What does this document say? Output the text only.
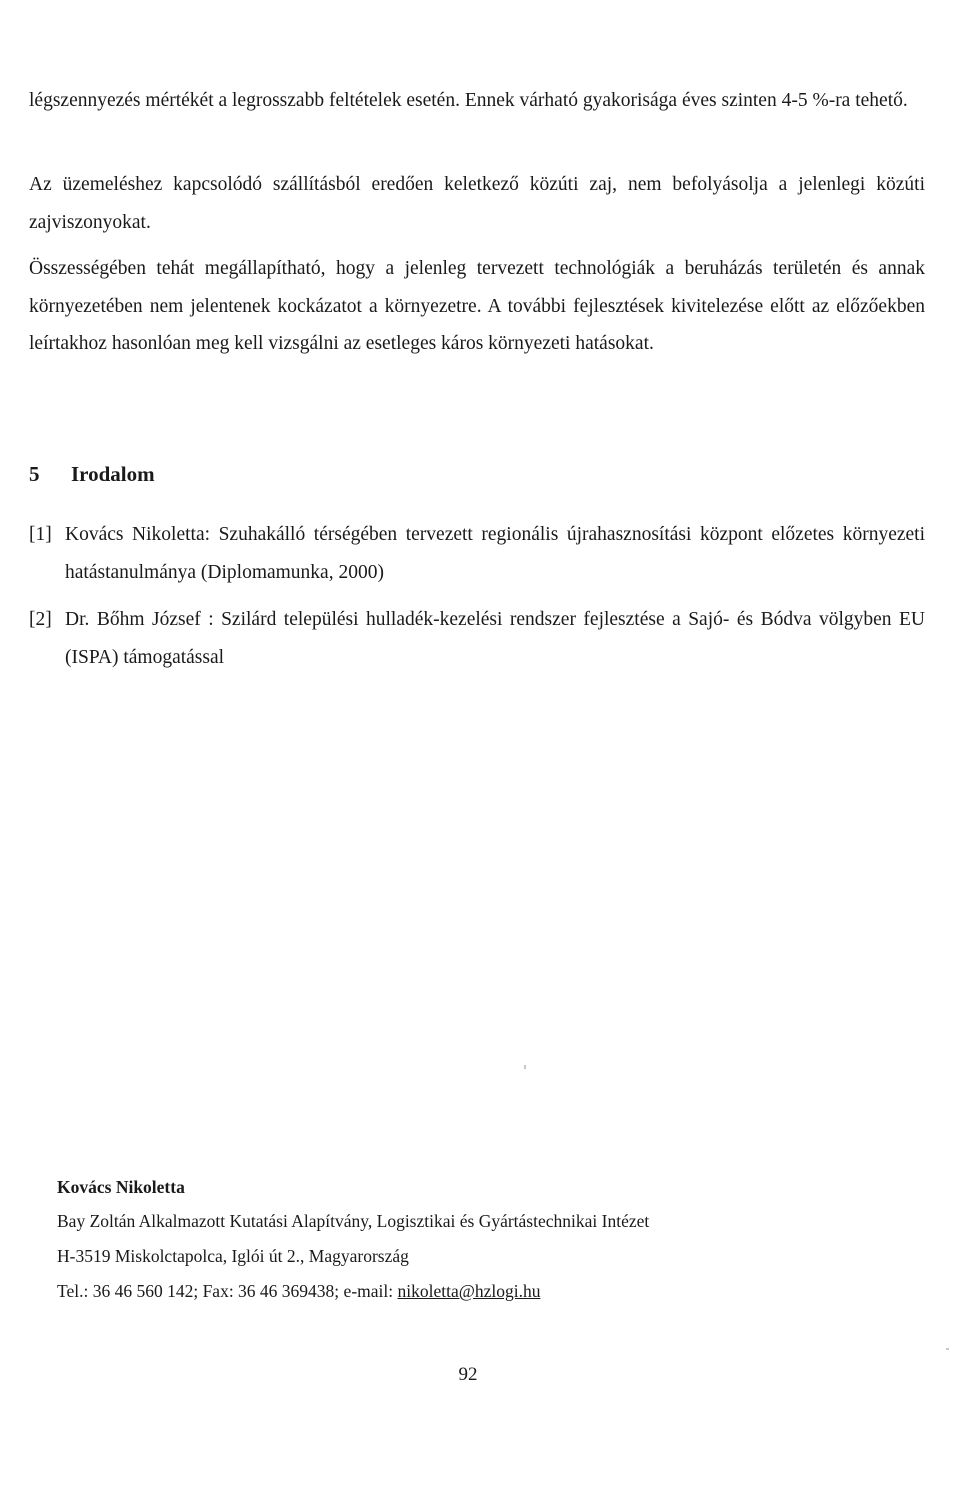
légszennyezés mértékét a legrosszabb feltételek esetén. Ennek várható gyakorisága éves szinten 4-5 %-ra tehető.

Az üzemeléshez kapcsolódó szállításból eredően keletkező közúti zaj, nem befolyásolja a jelenlegi közúti zajviszonyokat.

Összességében tehát megállapítható, hogy a jelenleg tervezett technológiák a beruházás területén és annak környezetében nem jelentenek kockázatot a környezetre. A további fejlesztések kivitelezése előtt az előzőekben leírtakhoz hasonlóan meg kell vizsgálni az esetleges káros környezeti hatásokat.

5 Irodalom
[1] Kovács Nikoletta: Szuhakálló térségében tervezett regionális újrahasznosítási központ előzetes környezeti hatástanulmánya (Diplomamunka, 2000)
[2] Dr. Bőhm József : Szilárd települési hulladék-kezelési rendszer fejlesztése a Sajó- és Bódva völgyben EU (ISPA) támogatással

Kovács Nikoletta

Bay Zoltán Alkalmazott Kutatási Alapítvány, Logisztikai és Gyártástechnikai Intézet

H-3519 Miskolctapolca, Iglói út 2., Magyarország

Tel.: 36 46 560 142; Fax: 36 46 369438; e-mail: nikoletta@hzlogi.hu

92
